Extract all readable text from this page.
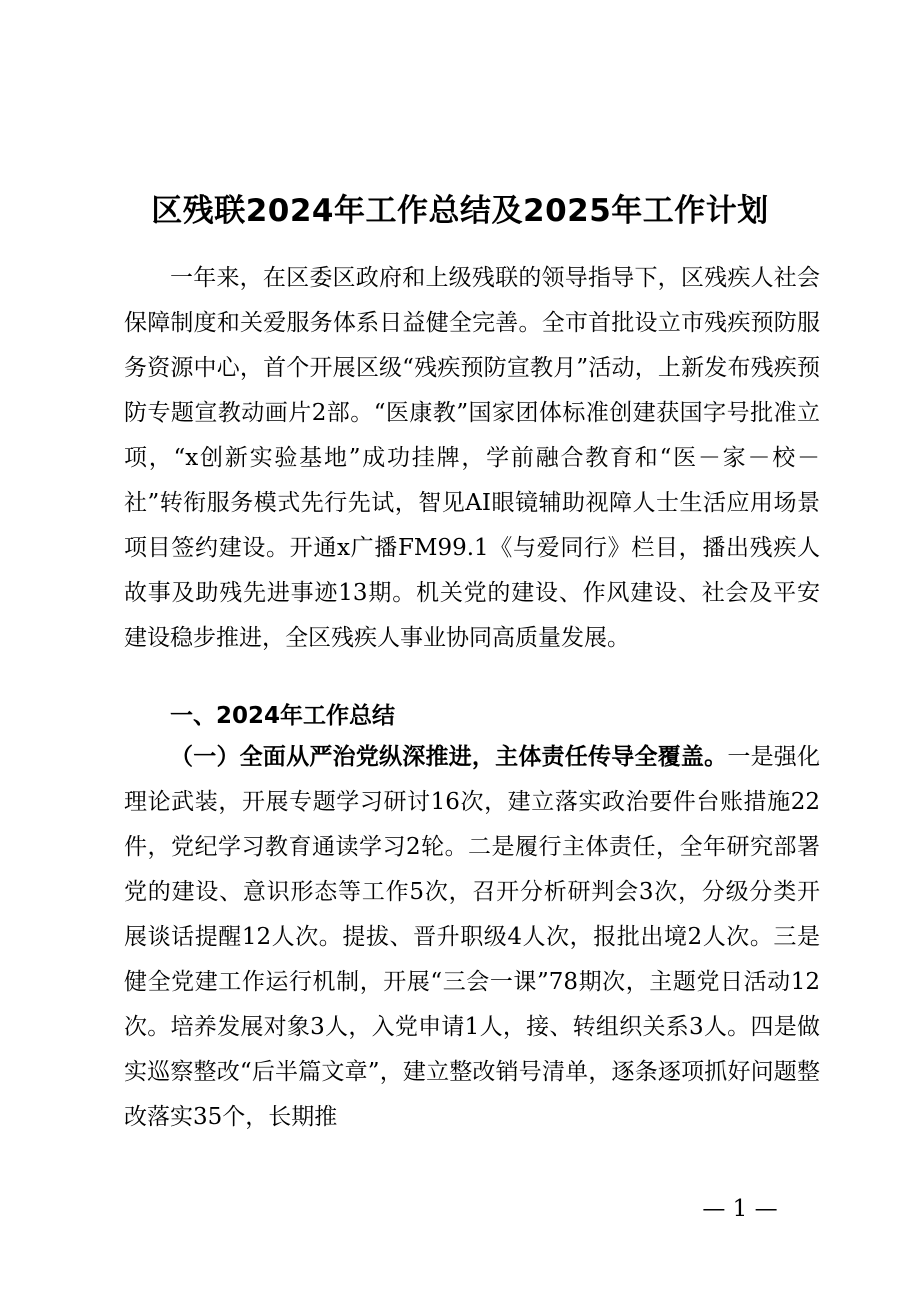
区残联2024年工作总结及2025年工作计划

一年来，在区委区政府和上级残联的领导指导下，区残疾人社会保障制度和关爱服务体系日益健全完善。全市首批设立市残疾预防服务资源中心，首个开展区级“残疾预防宣教月”活动，上新发布残疾预防专题宣教动画片2部。“医康教”国家团体标准创建获国字号批准立项，“x创新实验基地”成功挂牌，学前融合教育和“医－家－校－社”转衔服务模式先行先试，智见AI眼镜辅助视障人士生活应用场景项目签约建设。开通x广播FM99.1《与爱同行》栏目，播出残疾人故事及助残先进事迹13期。机关党的建设、作风建设、社会及平安建设稳步推进，全区残疾人事业协同高质量发展。

一、2024年工作总结

（一）全面从严治党纵深推进，主体责任传导全覆盖。一是强化理论武装，开展专题学习研讨16次，建立落实政治要件台账措施22件，党纪学习教育通读学习2轮。二是履行主体责任，全年研究部署党的建设、意识形态等工作5次，召开分析研判会3次，分级分类开展谈话提醒12人次。提拔、晋升职级4人次，报批出境2人次。三是健全党建工作运行机制，开展“三会一课”78期次，主题党日活动12次。培养发展对象3人，入党申请1人，接、转组织关系3人。四是做实巡察整改“后半篇文章”，建立整改销号清单，逐条逐项抓好问题整改落实35个，长期推

— 1 —
